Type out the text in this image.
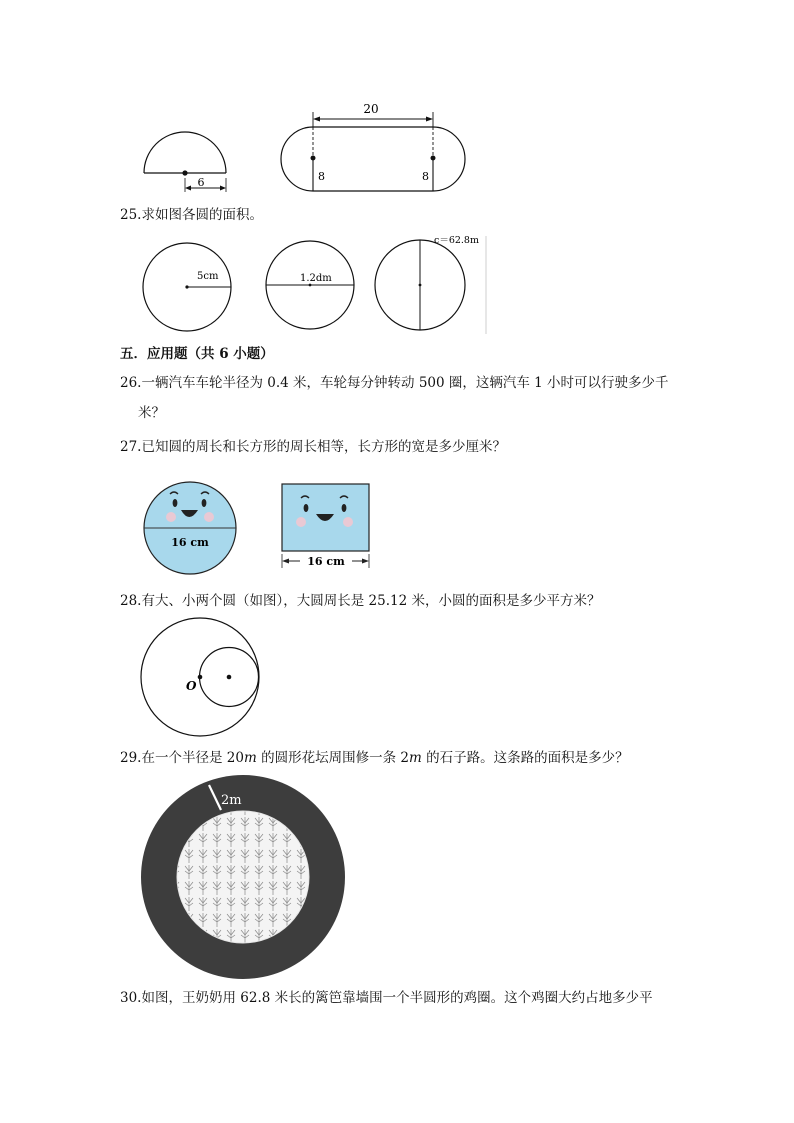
6
20
8	8
25.求如图各圆的面积。
5cm	1.2dm
c＝62.8m
五．应用题（共 6 小题）
26.一辆汽车车轮半径为 0.4 米，车轮每分钟转动 500 圈，这辆汽车 1 小时可以行驶多少千
米？
27.已知圆的周长和长方形的周长相等，长方形的宽是多少厘米？
16 cm
16 cm
28.有大、小两个圆（如图），大圆周长是 25.12 米，小圆的面积是多少平方米？
O
29.在一个半径是 20m 的圆形花坛周围修一条 2m 的石子路。这条路的面积是多少？
2m
30.如图，王奶奶用 62.8 米长的篱笆靠墙围一个半圆形的鸡圈。这个鸡圈大约占地多少平
